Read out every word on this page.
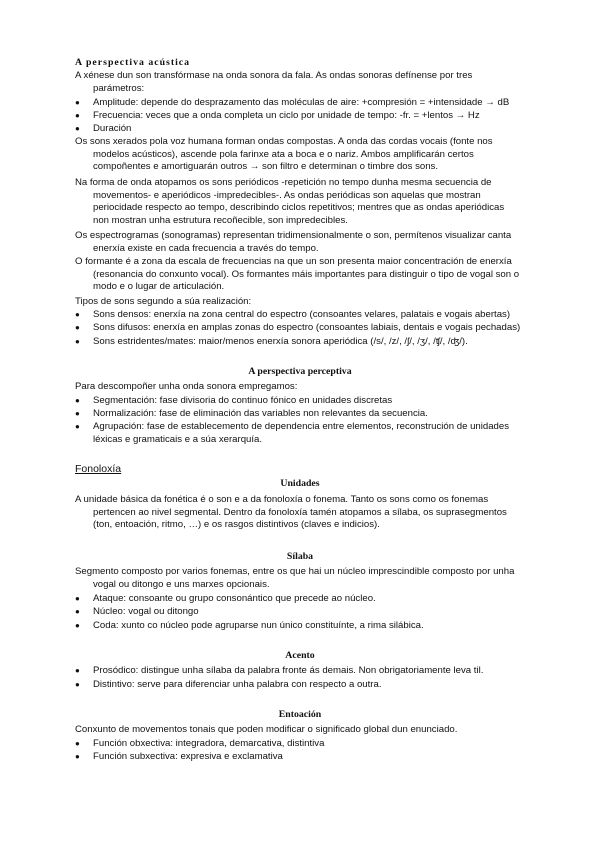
A perspectiva acústica
A xénese dun son transfórmase na onda sonora da fala. As ondas sonoras defínense por tres
parámetros:
● Amplitude: depende do desprazamento das moléculas de aire: +compresión = +intensidade → dB
● Frecuencia: veces que a onda completa un ciclo por unidade de tempo: -fr. = +lentos → Hz
● Duración
Os sons xerados pola voz humana forman ondas compostas. A onda das cordas vocais (fonte nos
modelos acústicos), ascende pola farinxe ata a boca e o nariz. Ambos amplificarán certos
compoñentes e amortiguarán outros → son filtro e determinan o timbre dos sons.
Na forma de onda atopamos os sons periódicos -repetición no tempo dunha mesma secuencia de
movementos- e aperiódicos -impredecibles-. As ondas periódicas son aquelas que mostran
periocidade respecto ao tempo, describindo ciclos repetitivos; mentres que as ondas aperiódicas
non mostran unha estrutura recoñecible, son impredecibles.
Os espectrogramas (sonogramas) representan tridimensionalmente o son, permítenos visualizar canta
enerxía existe en cada frecuencia a través do tempo.
O formante é a zona da escala de frecuencias na que un son presenta maior concentración de enerxía
(resonancia do conxunto vocal). Os formantes máis importantes para distinguir o tipo de vogal son o
modo e o lugar de articulación.
Tipos de sons segundo a súa realización:
● Sons densos: enerxía na zona central do espectro (consoantes velares, palatais e vogais abertas)
● Sons difusos: enerxía en amplas zonas do espectro (consoantes labiais, dentais e vogais pechadas)
● Sons estridentes/mates: maior/menos enerxía sonora aperiódica (/s/, /z/, /ʃ/, /ʒ/, /ʧ/, /ʤ/).
A perspectiva perceptiva
Para descompoñer unha onda sonora empregamos:
● Segmentación: fase divisoria do continuo fónico en unidades discretas
● Normalización: fase de eliminación das variables non relevantes da secuencia.
● Agrupación: fase de establecemento de dependencia entre elementos, reconstrución de unidades
léxicas e gramaticais e a súa xerarquía.
Fonoloxía
Unidades
A unidade básica da fonética é o son e a da fonoloxía o fonema. Tanto os sons como os fonemas
pertencen ao nivel segmental. Dentro da fonoloxía tamén atopamos a sílaba, os suprasegmentos
(ton, entoación, ritmo, …) e os rasgos distintivos (claves e indicios).
Sílaba
Segmento composto por varios fonemas, entre os que hai un núcleo imprescindible composto por unha
vogal ou ditongo e uns marxes opcionais.
● Ataque: consoante ou grupo consonántico que precede ao núcleo.
● Núcleo: vogal ou ditongo
● Coda: xunto co núcleo pode agruparse nun único constituínte, a rima silábica.
Acento
● Prosódico: distingue unha sílaba da palabra fronte ás demais. Non obrigatoriamente leva til.
● Distintivo: serve para diferenciar unha palabra con respecto a outra.
Entoación
Conxunto de movementos tonais que poden modificar o significado global dun enunciado.
● Función obxectiva: integradora, demarcativa, distintiva
● Función subxectiva: expresiva e exclamativa
